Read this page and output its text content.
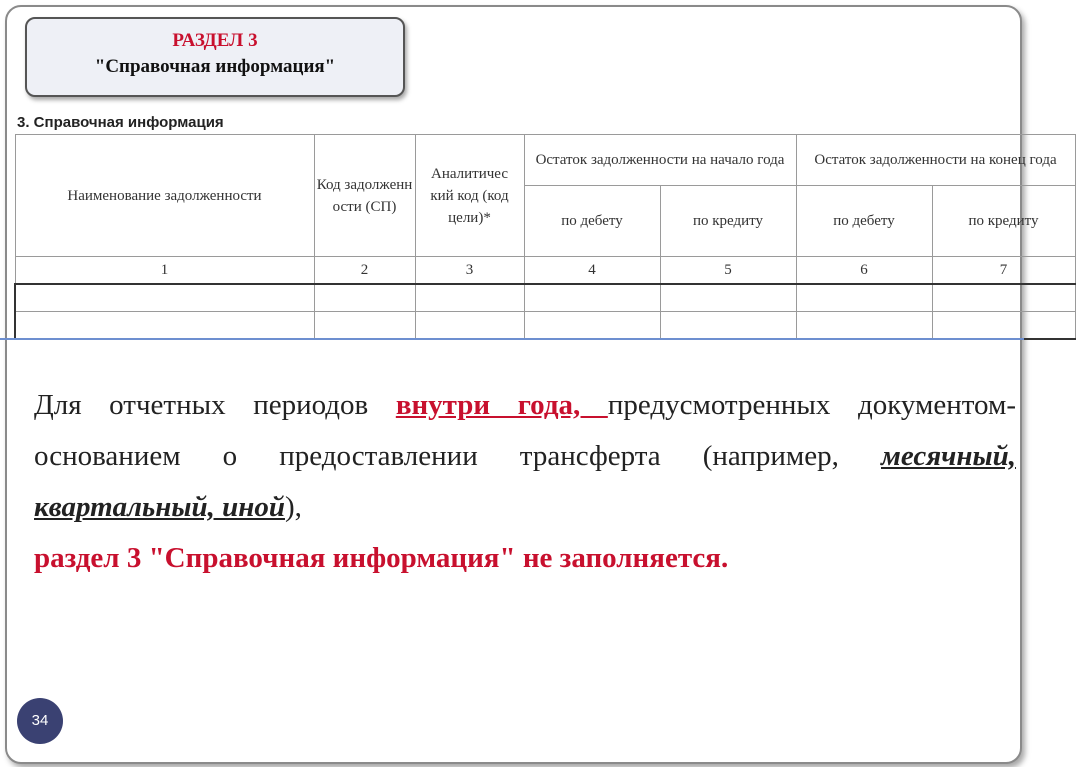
РАЗДЕЛ 3
"Справочная информация"
3. Справочная информация
Наименование задолженности	Код задолженн ости (СП)	Аналитичес кий код (код цели)*	Остаток задолженности на начало года		Остаток задолженности на конец года	
			по дебету	по кредиту	по дебету	по кредиту
1	2	3	4	5	6	7

Для отчетных периодов внутри года, предусмотренных документом-основанием о предоставлении трансферта (например, месячный, квартальный, иной),
раздел 3 "Справочная информация" не заполняется.
34
